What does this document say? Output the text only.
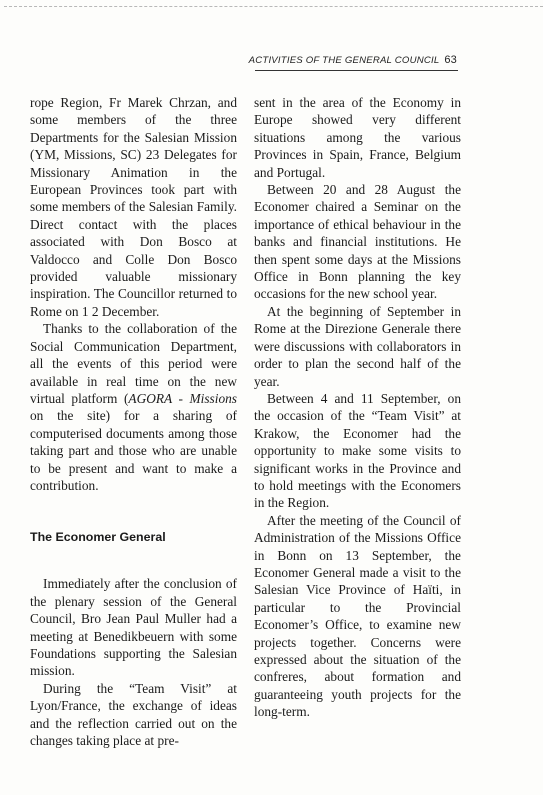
ACTIVITIES OF THE GENERAL COUNCIL 63

rope Region, Fr Marek Chrzan, and some members of the three Departments for the Salesian Mission (YM, Missions, SC) 23 Delegates for Missionary Animation in the European Provinces took part with some members of the Salesian Family. Direct contact with the places associated with Don Bosco at Valdocco and Colle Don Bosco provided valuable missionary inspiration. The Councillor returned to Rome on 1 2 December.

Thanks to the collaboration of the Social Communication Department, all the events of this period were available in real time on the new virtual platform (AGORA - Missions on the site) for a sharing of computerised documents among those taking part and those who are unable to be present and want to make a contribution.

The Economer General

Immediately after the conclusion of the plenary session of the General Council, Bro Jean Paul Muller had a meeting at Benedikbeuern with some Foundations supporting the Salesian mission.

During the “Team Visit” at Lyon/France, the exchange of ideas and the reflection carried out on the changes taking place at pre-

sent in the area of the Economy in Europe showed very different situations among the various Provinces in Spain, France, Belgium and Portugal.

Between 20 and 28 August the Economer chaired a Seminar on the importance of ethical behaviour in the banks and financial institutions. He then spent some days at the Missions Office in Bonn planning the key occasions for the new school year.

At the beginning of September in Rome at the Direzione Generale there were discussions with collaborators in order to plan the second half of the year.

Between 4 and 11 September, on the occasion of the “Team Visit” at Krakow, the Economer had the opportunity to make some visits to significant works in the Province and to hold meetings with the Economers in the Region.

After the meeting of the Council of Administration of the Missions Office in Bonn on 13 September, the Economer General made a visit to the Salesian Vice Province of Haïti, in particular to the Provincial Economer’s Office, to examine new projects together. Concerns were expressed about the situation of the confreres, about formation and guaranteeing youth projects for the long-term.
